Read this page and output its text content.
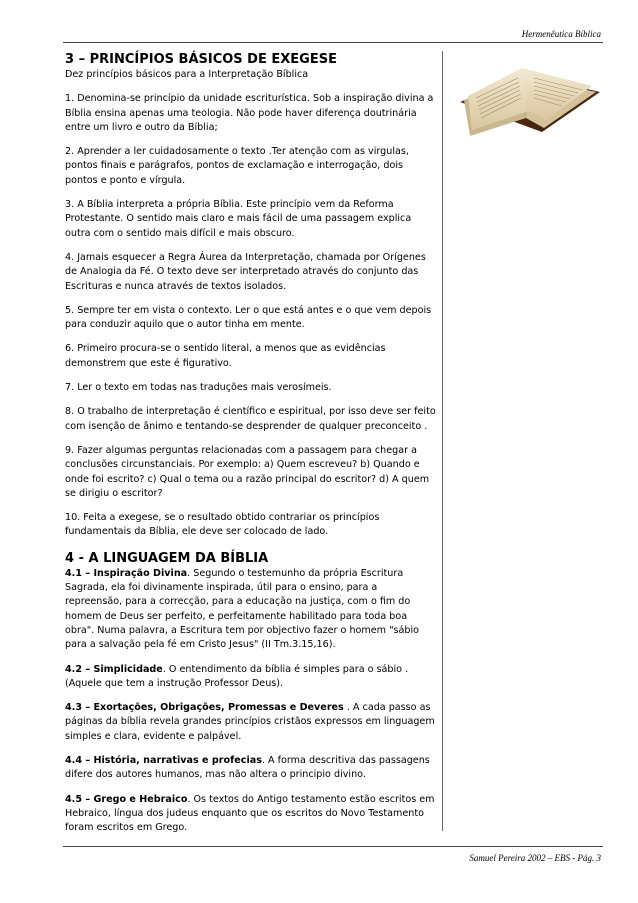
Hermenêutica Bíblica
3 – PRINCÍPIOS BÁSICOS DE EXEGESE

Dez princípios básicos para a Interpretação Bíblica

1. Denomina-se princípio da unidade escriturística. Sob a inspiração divina a Bíblia ensina apenas uma teologia. Não pode haver diferença doutrinária entre um livro e outro da Bíblia;

2. Aprender a ler cuidadosamente o texto .Ter atenção com as virgulas, pontos finais e parágrafos, pontos de exclamação e interrogação, dois pontos e ponto e vírgula.

3. A Bíblia interpreta a própria Bíblia. Este princípio vem da Reforma Protestante. O sentido mais claro e mais fácil de uma passagem explica outra com o sentido mais difícil e mais obscuro.

4. Jamais esquecer a Regra Áurea da Interpretação, chamada por Orígenes de Analogia da Fé. O texto deve ser interpretado através do conjunto das Escrituras e nunca através de textos isolados.

5. Sempre ter em vista o contexto. Ler o que está antes e o que vem depois para conduzir aquilo que o autor tinha em mente.

6. Primeiro procura-se o sentido literal, a menos que as evidências demonstrem que este é figurativo.

7. Ler o texto em todas nas traduções mais verosímeis.

8. O trabalho de interpretação é científico e espiritual, por isso deve ser feito com isenção de ânimo e tentando-se desprender de qualquer preconceito .

9. Fazer algumas perguntas relacionadas com a passagem para chegar a conclusões circunstanciais. Por exemplo: a) Quem escreveu? b) Quando e onde foi escrito? c) Qual o tema ou a razão principal do escritor? d) A quem se dirigiu o escritor?

10. Feita a exegese, se o resultado obtido contrariar os princípios fundamentais da Bíblia, ele deve ser colocado de lado.

4 - A LINGUAGEM DA BÍBLIA

4.1 – Inspiração Divina. Segundo o testemunho da própria Escritura Sagrada, ela foi divinamente inspirada, útil para o ensino, para a repreensão, para a correcção, para a educação na justiça, com o fim do homem de Deus ser perfeito, e perfeitamente habilitado para toda boa obra". Numa palavra, a Escritura tem por objectivo fazer o homem "sábio para a salvação pela fé em Cristo Jesus" (II Tm.3.15,16).

4.2 – Simplicidade. O entendimento da bíblia é simples para o sábio . (Aquele que tem a instrução Professor Deus).

4.3 – Exortações, Obrigações, Promessas e Deveres . A cada passo as páginas da bíblia revela grandes princípios cristãos expressos em linguagem simples e clara, evidente e palpável.

4.4 – História, narrativas e profecias. A forma descritiva das passagens difere dos autores humanos, mas não altera o principio divino.

4.5 – Grego e Hebraico. Os textos do Antigo testamento estão escritos em Hebraico, língua dos judeus enquanto que os escritos do Novo Testamento foram escritos em Grego.

Samuel Pereira 2002 – EBS - Pág. 3
